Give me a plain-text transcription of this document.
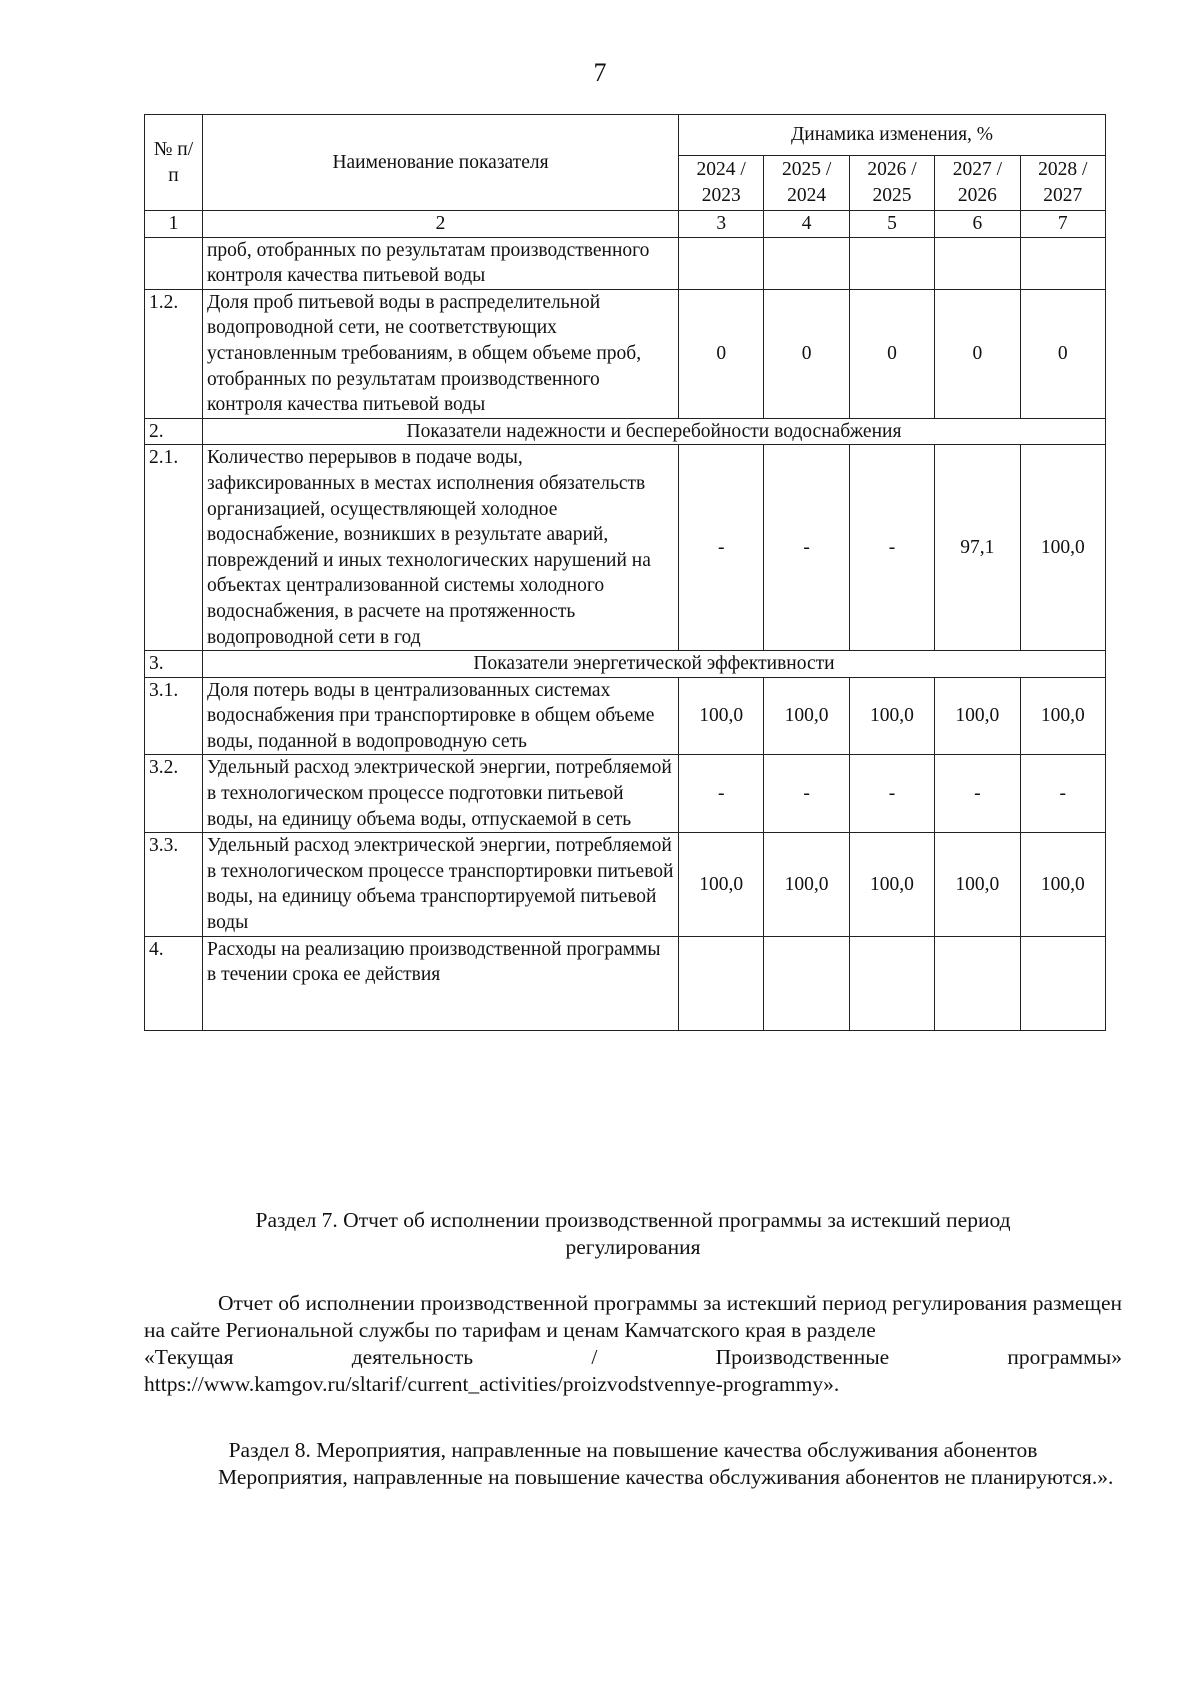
7
№ п/п	Наименование показателя	Динамика изменения, %				
		2024 / 2023	2025 / 2024	2026 / 2025	2027 / 2026	2028 / 2027
1	2	3	4	5	6	7
	проб, отобранных по результатам производственного контроля качества питьевой воды					
1.2.	Доля проб питьевой воды в распределительной водопроводной сети, не соответствующих установленным требованиям, в общем объеме проб, отобранных по результатам производственного контроля качества питьевой воды	0	0	0	0	0
2.	Показатели надежности и бесперебойности водоснабжения					
2.1.	Количество перерывов в подаче воды, зафиксированных в местах исполнения обязательств организацией, осуществляющей холодное водоснабжение, возникших в результате аварий, повреждений и иных технологических нарушений на объектах централизованной системы холодного водоснабжения, в расчете на протяженность водопроводной сети в год	-	-	-	97,1	100,0
3.	Показатели энергетической эффективности					
3.1.	Доля потерь воды в централизованных системах водоснабжения при транспортировке в общем объеме воды, поданной в водопроводную сеть	100,0	100,0	100,0	100,0	100,0
3.2.	Удельный расход электрической энергии, потребляемой в технологическом процессе подготовки питьевой воды, на единицу объема воды, отпускаемой в сеть	-	-	-	-	-
3.3.	Удельный расход электрической энергии, потребляемой в технологическом процессе транспортировки питьевой воды, на единицу объема транспортируемой питьевой воды	100,0	100,0	100,0	100,0	100,0
4.	Расходы на реализацию производственной программы в течении срока ее действия					
Раздел 7. Отчет об исполнении производственной программы за истекший период
регулирования
Отчет об исполнении производственной программы за истекший период регулирования размещен на сайте Региональной службы по тарифам и ценам Камчатского края в разделе
«Текущая	деятельность	/	Производственные	программы»
https://www.kamgov.ru/sltarif/current_activities/proizvodstvennye-programmy».
Раздел 8. Мероприятия, направленные на повышение качества обслуживания абонентов
Мероприятия, направленные на повышение качества обслуживания абонентов не планируются.».
